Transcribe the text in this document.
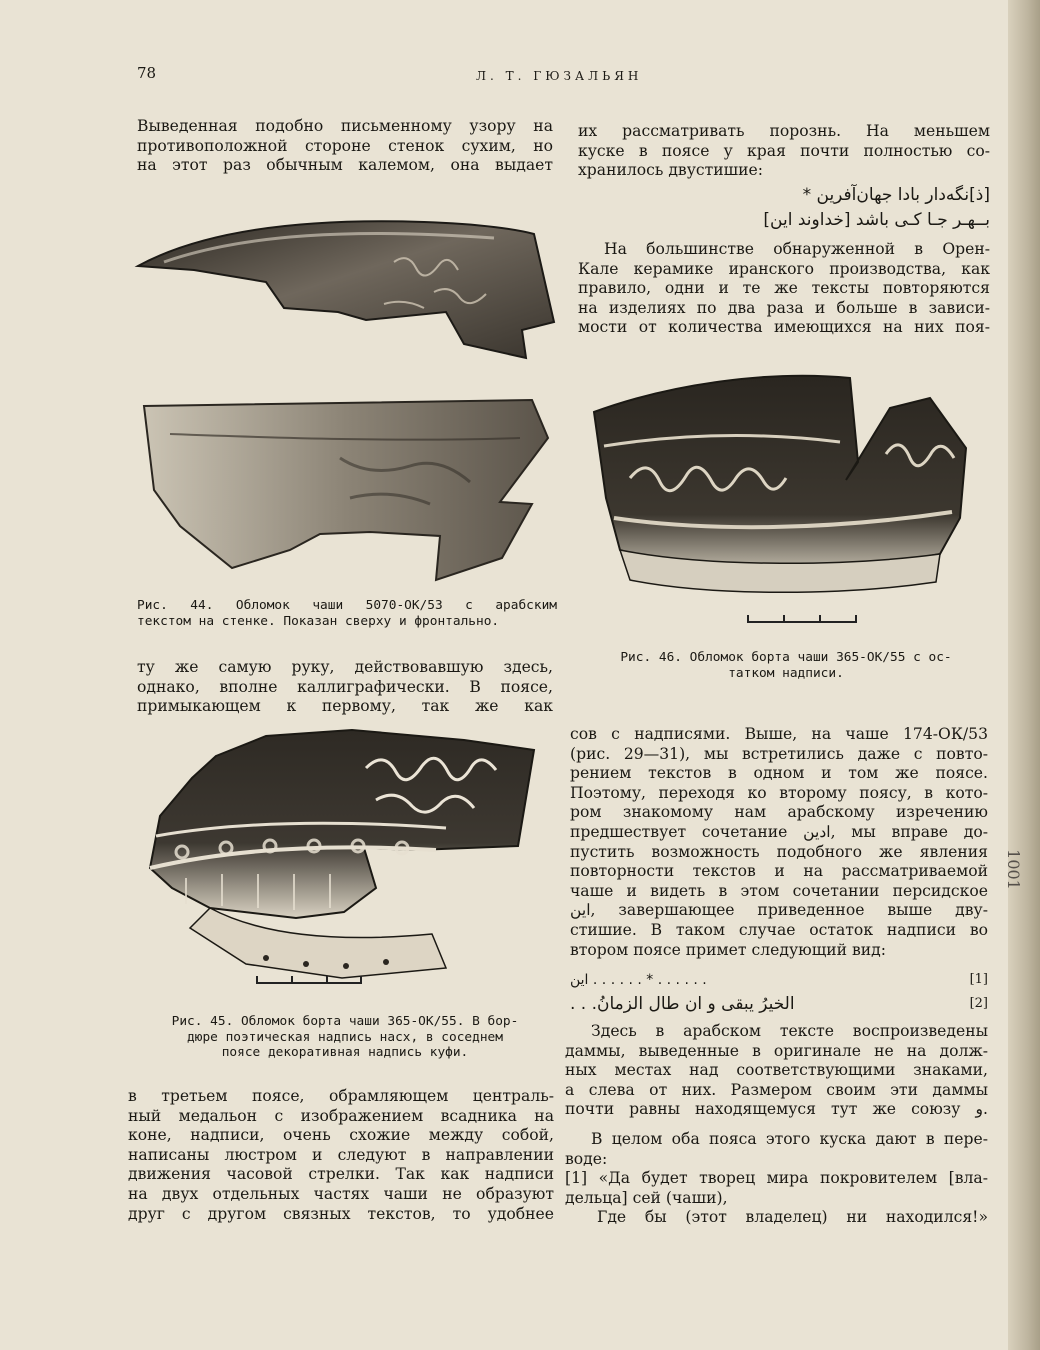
1001
78	Л. Т. ГЮЗАЛЬЯН
Выведенная подобно письменному узору на
противоположной стороне стенок сухим, но
на этот раз обычным калемом, она выдает
Рис. 44. Обломок чаши 5070-ОК/53 с арабским
текстом на стенке. Показан сверху и фронтально.
ту же самую руку, действовавшую здесь,
однако, вполне каллиграфически. В поясе,
примыкающем к первому, так же как
Рис. 45. Обломок борта чаши 365-ОК/55. В бор-
дюре поэтическая надпись насх, в соседнем
поясе декоративная надпись куфи.
в третьем поясе, обрамляющем централь-
ный медальон с изображением всадника на
коне, надписи, очень схожие между собой,
написаны люстром и следуют в направлении
движения часовой стрелки. Так как надписи
на двух отдельных частях чаши не образуют
друг с другом связных текстов, то удобнее
их рассматривать порознь. На меньшем
куске в поясе у края почти полностью со-
хранилось двустишие:
[ذ]نگه‌دار بادا جهان‌آفرین *
بــهـر جـا کـی باشد [خداوند این]
На большинстве обнаруженной в Орен-
Кале керамике иранского производства, как
правило, одни и те же тексты повторяются
на изделиях по два раза и больше в зависи-
мости от количества имеющихся на них поя-
Рис. 46. Обломок борта чаши 365-ОК/55 с ос-
татком надписи.
сов с надписями. Выше, на чаше 174-ОК/53
(рис. 29—31), мы встретились даже с повто-
рением текстов в одном и том же поясе.
Поэтому, переходя ко второму поясу, в кото-
ром знакомому нам арабскому изречению
предшествует сочетание ادين, мы вправе до-
пустить возможность подобного же явления
повторности текстов и на рассматриваемой
чаше и видеть в этом сочетании персидское
این, завершающее приведенное выше дву-
стишие. В таком случае остаток надписи во
втором поясе примет следующий вид:
این . . . . . . * . . . . . .	[1]
الخيرُ يبقى و ان طال الزمانُ. . .	[2]
Здесь в арабском тексте воспроизведены
даммы, выведенные в оригинале не на долж-
ных местах над соответствующими знаками,
а слева от них. Размером своим эти даммы
почти равны находящемуся тут же союзу و.
В целом оба пояса этого куска дают в пере-
воде:
[1] «Да будет творец мира покровителем [вла-
дельца] сей (чаши),
Где бы (этот владелец) ни находился!»
